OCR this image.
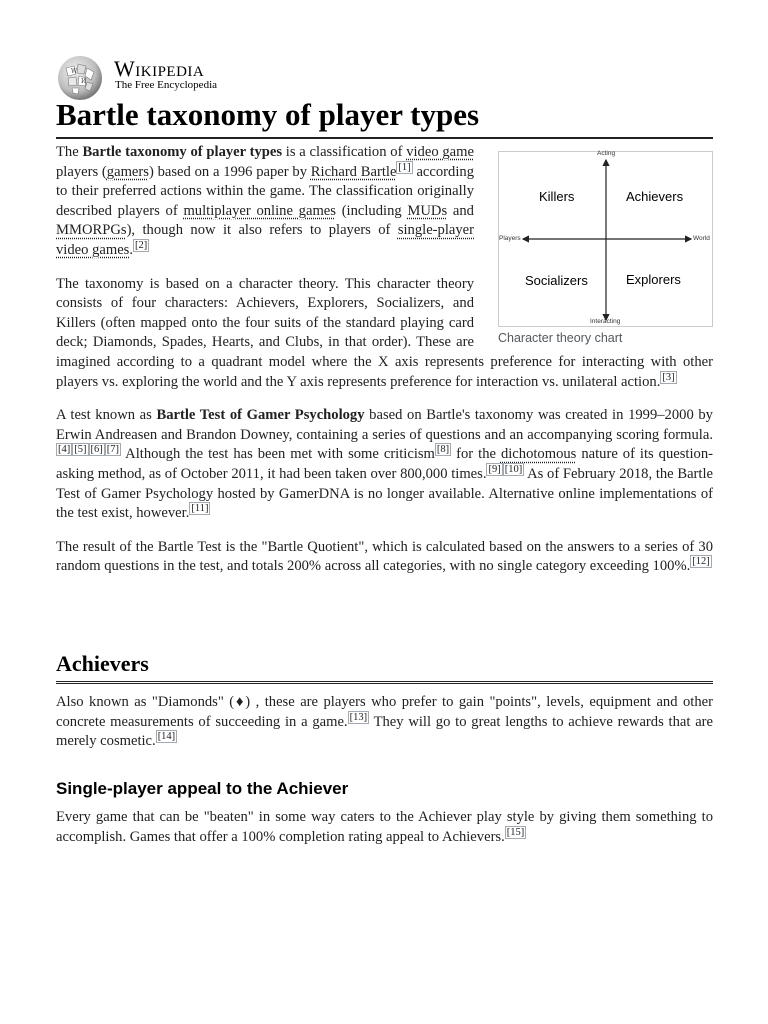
W
И
Wikipedia
The Free Encyclopedia
Bartle taxonomy of player types
Acting
Interacting
Players	World
Killers	Achievers
Socializers	Explorers
Character theory chart

The Bartle taxonomy of player types is a classification of video game players (gamers) based on a 1996 paper by Richard Bartle [1] according to their preferred actions within the game. The classification originally described players of multiplayer online games (including MUDs and MMORPGs), though now it also refers to players of single-player video games. [2]

The taxonomy is based on a character theory. This character theory consists of four characters: Achievers, Explorers, Socializers, and Killers (often mapped onto the four suits of the standard playing card deck; Diamonds, Spades, Hearts, and Clubs, in that order). These are imagined according to a quadrant model where the X axis represents preference for interacting with other players vs. exploring the world and the Y axis represents preference for interaction vs. unilateral action. [3]

A test known as Bartle Test of Gamer Psychology based on Bartle's taxonomy was created in 1999–2000 by Erwin Andreasen and Brandon Downey, containing a series of questions and an accompanying scoring formula.[4] [5] [6] [7] Although the test has been met with some criticism [8] for the dichotomous nature of its question-asking method, as of October 2011, it had been taken over 800,000 times. [9] [10] As of February 2018, the Bartle Test of Gamer Psychology hosted by GamerDNA is no longer available. Alternative online implementations of the test exist, however. [11]

The result of the Bartle Test is the "Bartle Quotient", which is calculated based on the answers to a series of 30 random questions in the test, and totals 200% across all categories, with no single category exceeding 100%. [12]

Achievers

Also known as "Diamonds" (♦) , these are players who prefer to gain "points", levels, equipment and other concrete measurements of succeeding in a game. [13] They will go to great lengths to achieve rewards that are merely cosmetic. [14]

Single-player appeal to the Achiever

Every game that can be "beaten" in some way caters to the Achiever play style by giving them something to accomplish. Games that offer a 100% completion rating appeal to Achievers. [15]
